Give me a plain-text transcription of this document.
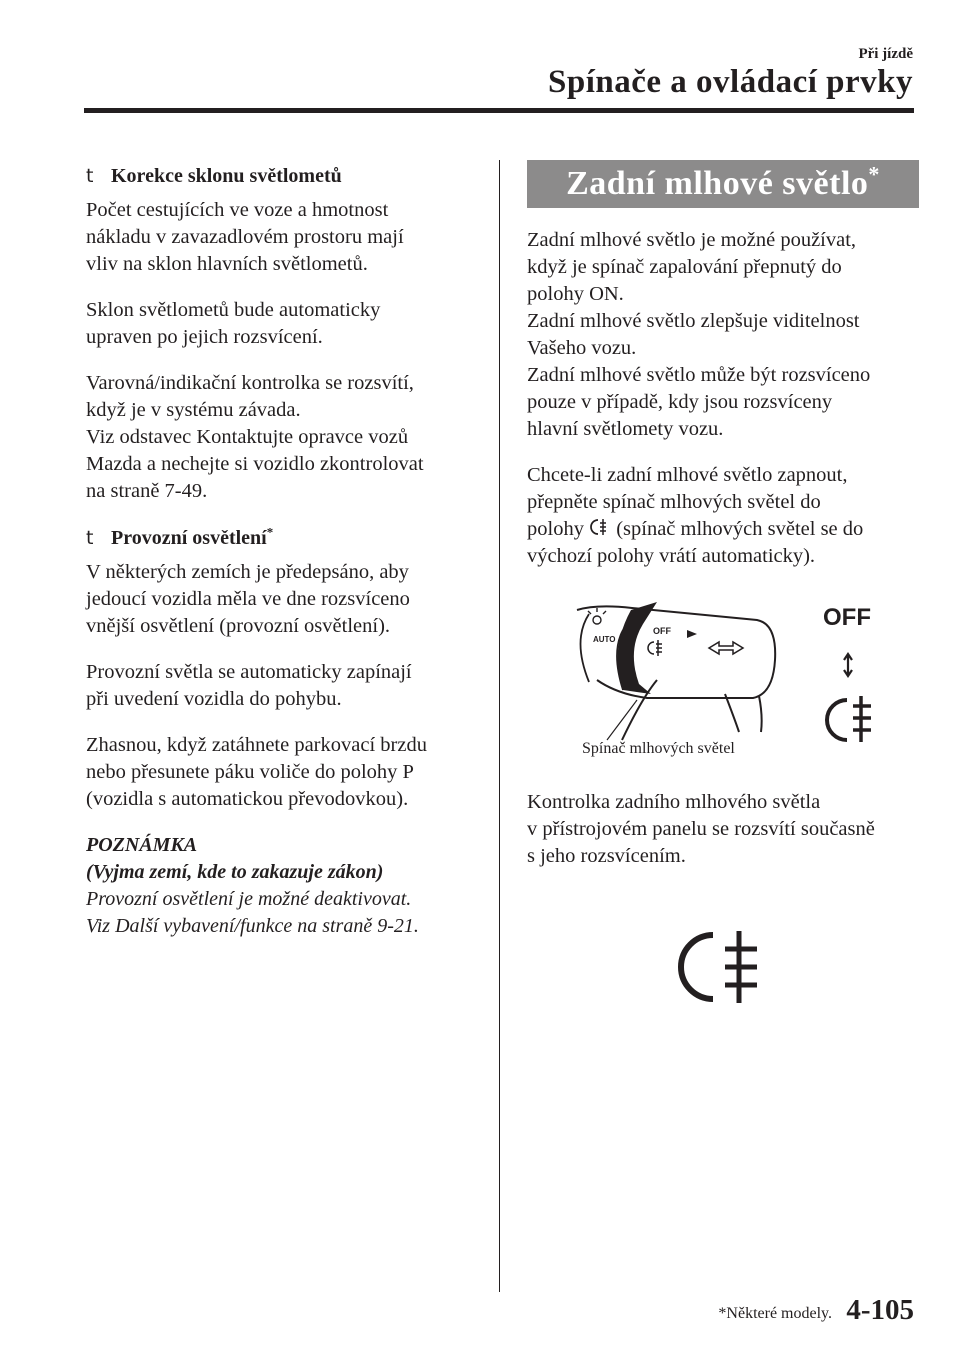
Při jízdě
Spínače a ovládací prvky
t Korekce sklonu světlometů

Počet cestujících ve voze a hmotnost

nákladu v zavazadlovém prostoru mají

vliv na sklon hlavních světlometů.

Sklon světlometů bude automaticky

upraven po jejich rozsvícení.

Varovná/indikační kontrolka se rozsvítí,

když je v systému závada.

Viz odstavec Kontaktujte opravce vozů

Mazda a nechejte si vozidlo zkontrolovat

na straně 7-49.

t Provozní osvětlení*

V některých zemích je předepsáno, aby

jedoucí vozidla měla ve dne rozsvíceno

vnější osvětlení (provozní osvětlení).

Provozní světla se automaticky zapínají

při uvedení vozidla do pohybu.

Zhasnou, když zatáhnete parkovací brzdu

nebo přesunete páku voliče do polohy P

(vozidla s automatickou převodovkou).

POZNÁMKA
(Vyjma zemí, kde to zakazuje zákon)
Provozní osvětlení je možné deaktivovat.
Viz Další vybavení/funkce na straně 9-21.
Zadní mlhové světlo*

Zadní mlhové světlo je možné používat,

když je spínač zapalování přepnutý do

polohy ON.

Zadní mlhové světlo zlepšuje viditelnost

Vašeho vozu.

Zadní mlhové světlo může být rozsvíceno

pouze v případě, kdy jsou rozsvíceny

hlavní světlomety vozu.

Chcete-li zadní mlhové světlo zapnout,

přepněte spínač mlhových světel do

polohy (spínač mlhových světel se do

výchozí polohy vrátí automaticky).

OFF
AUTO
OFF
Spínač mlhových světel

Kontrolka zadního mlhového světla

v přístrojovém panelu se rozsvítí současně

s jeho rozsvícením.

*Některé modely. 4-105
